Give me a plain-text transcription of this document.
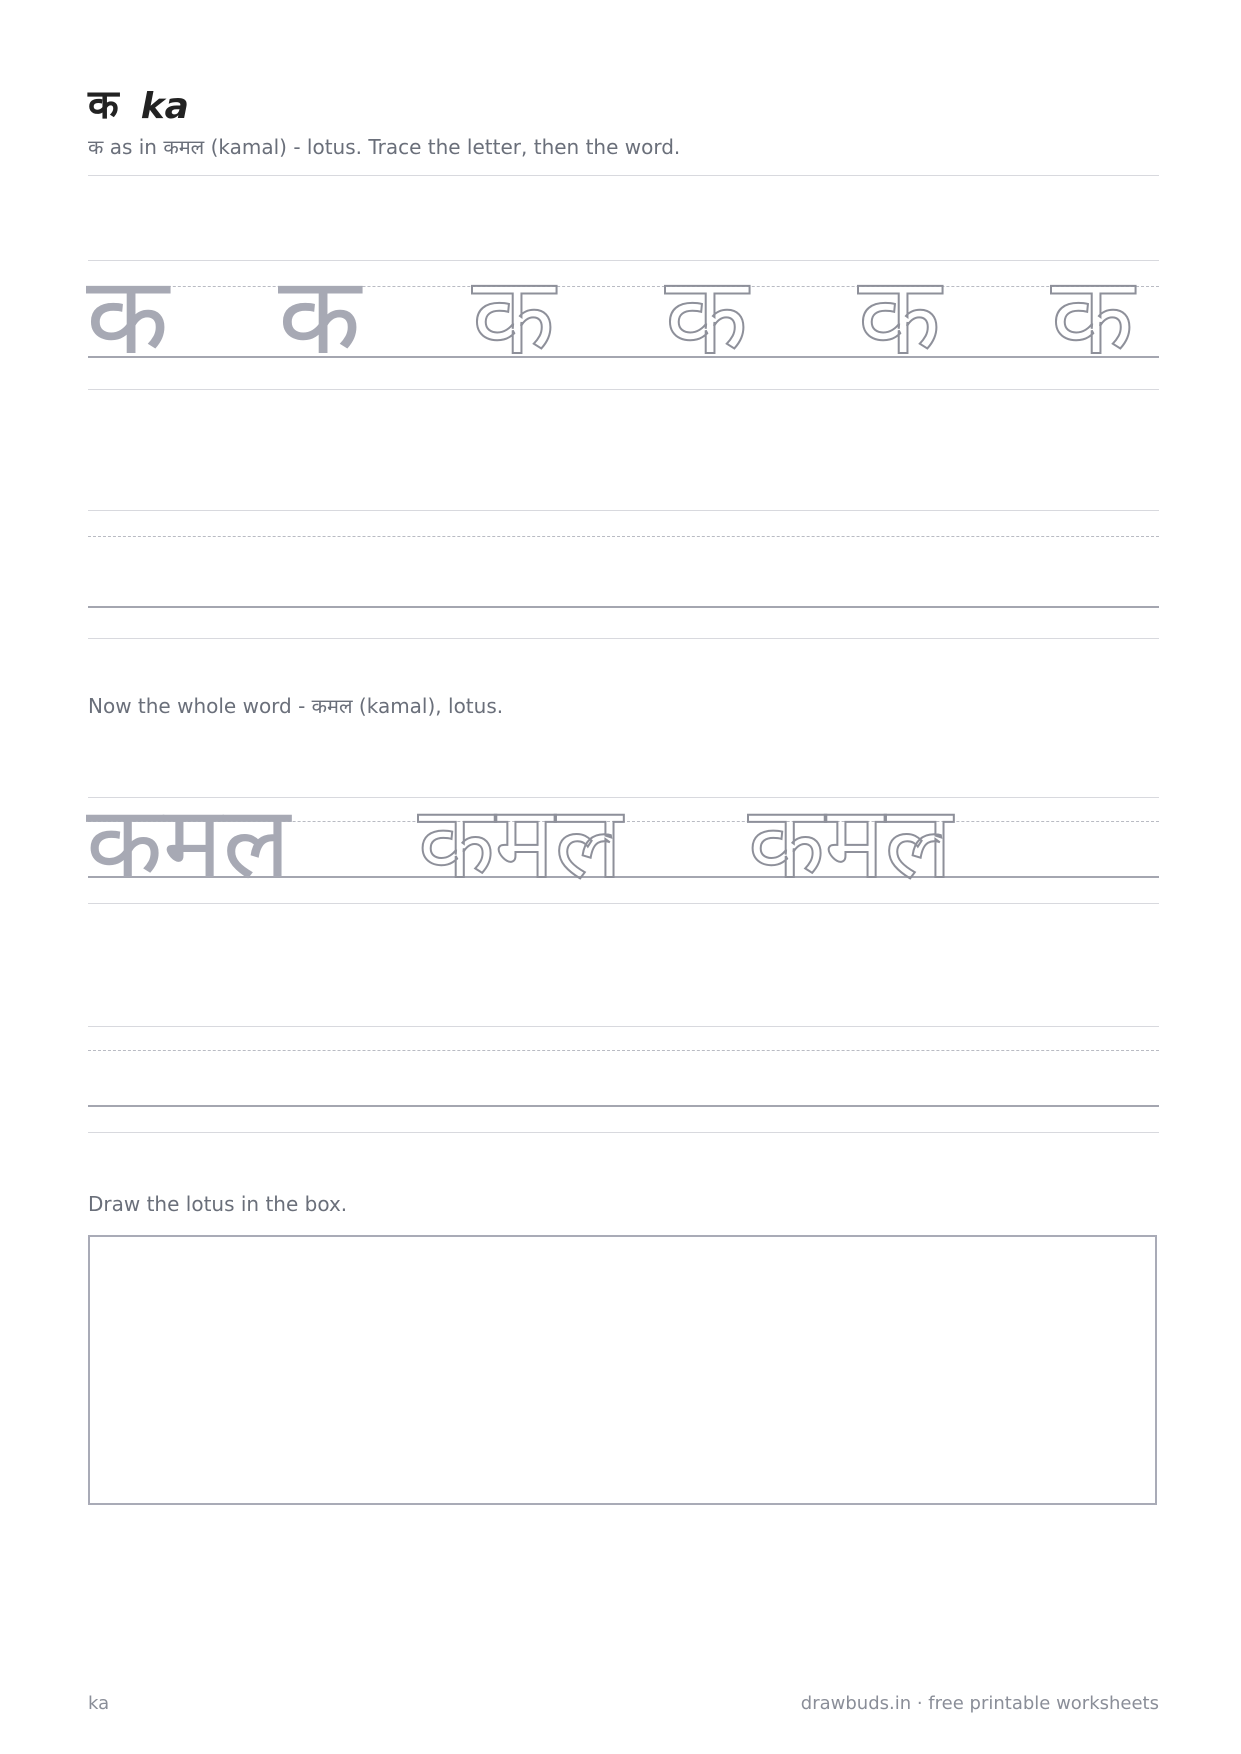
क ka
क as in कमल (kamal) - lotus. Trace the letter, then the word.
क क क क क क
Now the whole word - कमल (kamal), lotus.
कमल कमल कमल
Draw the lotus in the box.
ka	drawbuds.in · free printable worksheets
